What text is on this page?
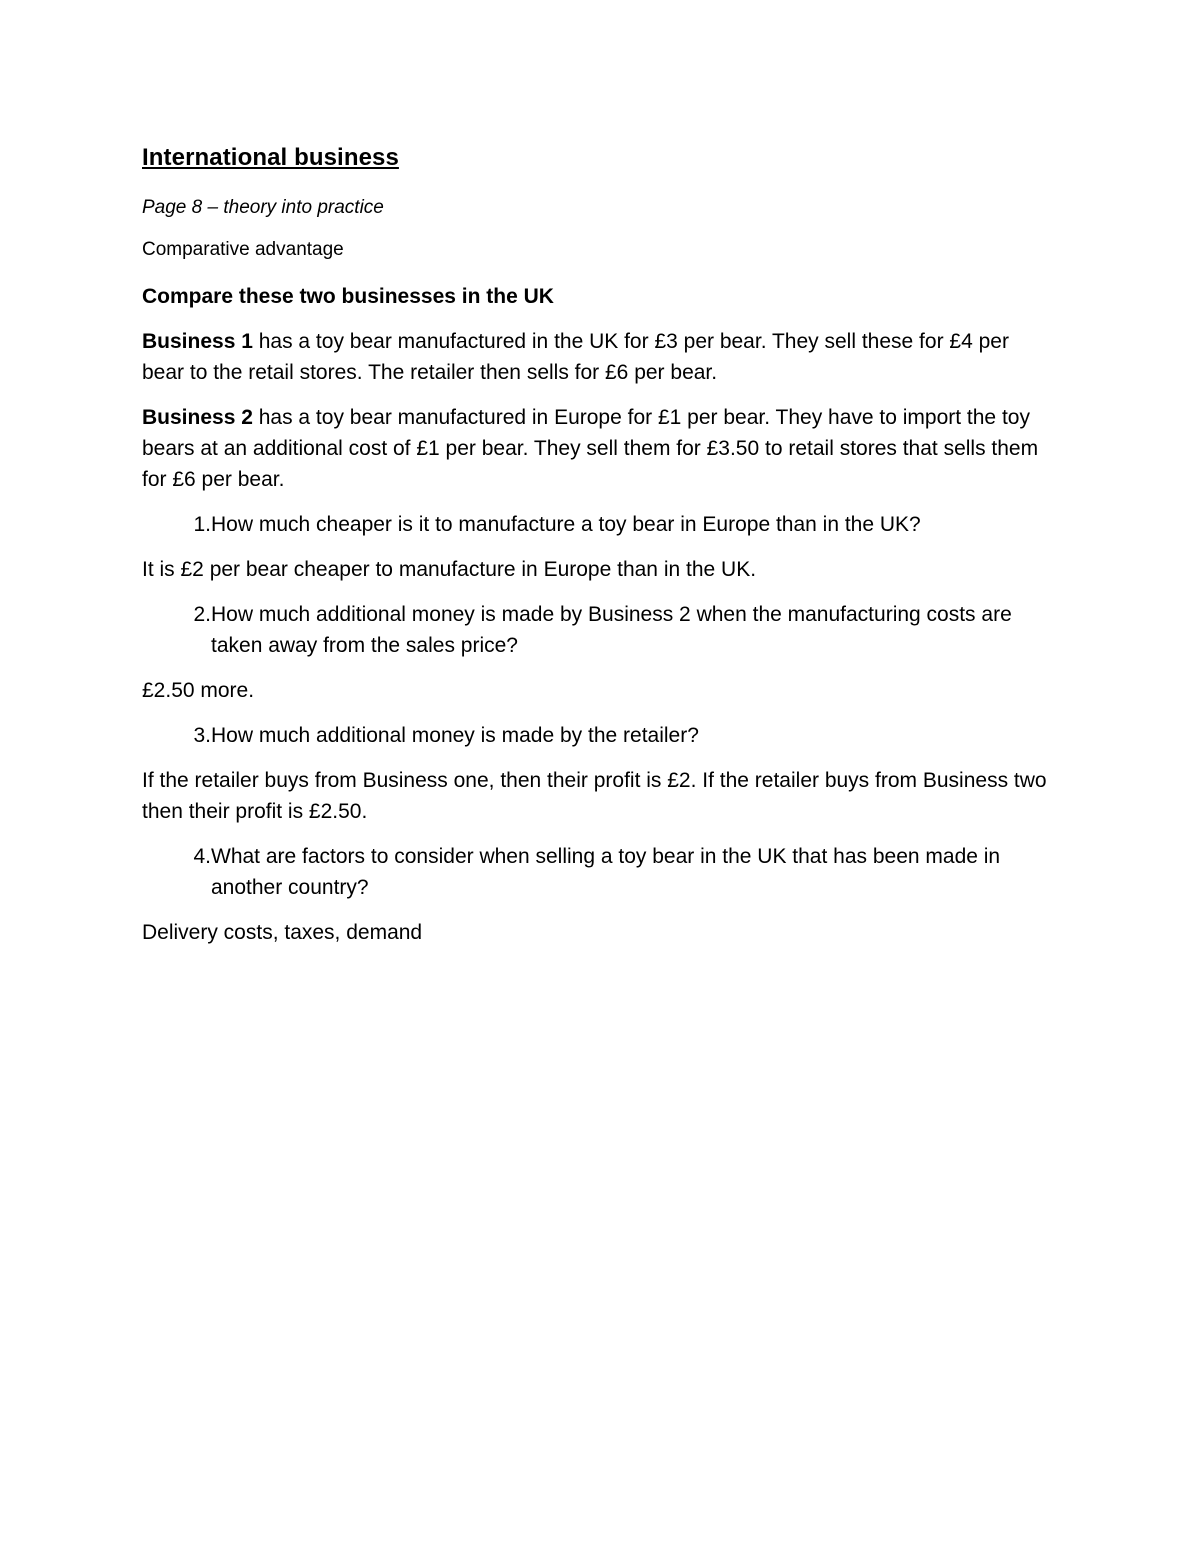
International business

Page 8 – theory into practice

Comparative advantage

Compare these two businesses in the UK

Business 1 has a toy bear manufactured in the UK for £3 per bear. They sell these for £4 per bear to the retail stores. The retailer then sells for £6 per bear.

Business 2 has a toy bear manufactured in Europe for £1 per bear. They have to import the toy bears at an additional cost of £1 per bear. They sell them for £3.50 to retail stores that sells them for £6 per bear.

1. How much cheaper is it to manufacture a toy bear in Europe than in the UK?

It is £2 per bear cheaper to manufacture in Europe than in the UK.

2. How much additional money is made by Business 2 when the manufacturing costs are taken away from the sales price?

£2.50 more.

3. How much additional money is made by the retailer?

If the retailer buys from Business one, then their profit is £2. If the retailer buys from Business two then their profit is £2.50.

4. What are factors to consider when selling a toy bear in the UK that has been made in another country?

Delivery costs, taxes, demand
